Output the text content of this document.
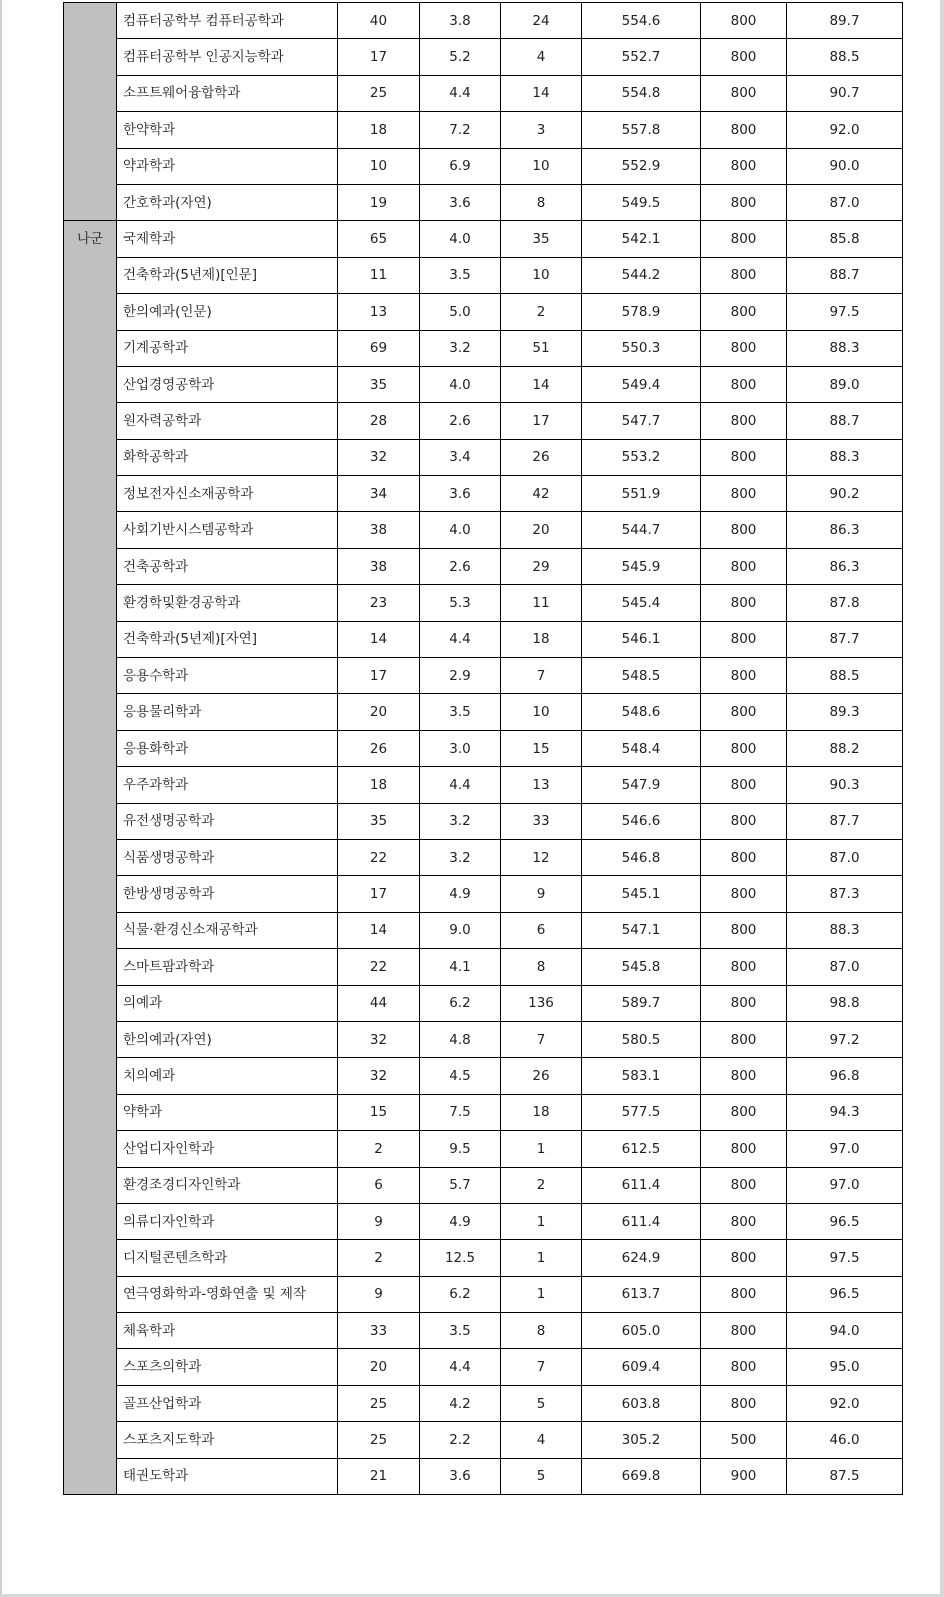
	컴퓨터공학부 컴퓨터공학과	40	3.8	24	554.6	800	89.7
	컴퓨터공학부 인공지능학과	17	5.2	4	552.7	800	88.5
	소프트웨어융합학과	25	4.4	14	554.8	800	90.7
	한약학과	18	7.2	3	557.8	800	92.0
	약과학과	10	6.9	10	552.9	800	90.0
	간호학과(자연)	19	3.6	8	549.5	800	87.0
나군	국제학과	65	4.0	35	542.1	800	85.8
	건축학과(5년제)[인문]	11	3.5	10	544.2	800	88.7
	한의예과(인문)	13	5.0	2	578.9	800	97.5
	기계공학과	69	3.2	51	550.3	800	88.3
	산업경영공학과	35	4.0	14	549.4	800	89.0
	원자력공학과	28	2.6	17	547.7	800	88.7
	화학공학과	32	3.4	26	553.2	800	88.3
	정보전자신소재공학과	34	3.6	42	551.9	800	90.2
	사회기반시스템공학과	38	4.0	20	544.7	800	86.3
	건축공학과	38	2.6	29	545.9	800	86.3
	환경학및환경공학과	23	5.3	11	545.4	800	87.8
	건축학과(5년제)[자연]	14	4.4	18	546.1	800	87.7
	응용수학과	17	2.9	7	548.5	800	88.5
	응용물리학과	20	3.5	10	548.6	800	89.3
	응용화학과	26	3.0	15	548.4	800	88.2
	우주과학과	18	4.4	13	547.9	800	90.3
	유전생명공학과	35	3.2	33	546.6	800	87.7
	식품생명공학과	22	3.2	12	546.8	800	87.0
	한방생명공학과	17	4.9	9	545.1	800	87.3
	식물·환경신소재공학과	14	9.0	6	547.1	800	88.3
	스마트팜과학과	22	4.1	8	545.8	800	87.0
	의예과	44	6.2	136	589.7	800	98.8
	한의예과(자연)	32	4.8	7	580.5	800	97.2
	치의예과	32	4.5	26	583.1	800	96.8
	약학과	15	7.5	18	577.5	800	94.3
	산업디자인학과	2	9.5	1	612.5	800	97.0
	환경조경디자인학과	6	5.7	2	611.4	800	97.0
	의류디자인학과	9	4.9	1	611.4	800	96.5
	디지털콘텐츠학과	2	12.5	1	624.9	800	97.5
	연극영화학과-영화연출 및 제작	9	6.2	1	613.7	800	96.5
	체육학과	33	3.5	8	605.0	800	94.0
	스포츠의학과	20	4.4	7	609.4	800	95.0
	골프산업학과	25	4.2	5	603.8	800	92.0
	스포츠지도학과	25	2.2	4	305.2	500	46.0
	태권도학과	21	3.6	5	669.8	900	87.5
